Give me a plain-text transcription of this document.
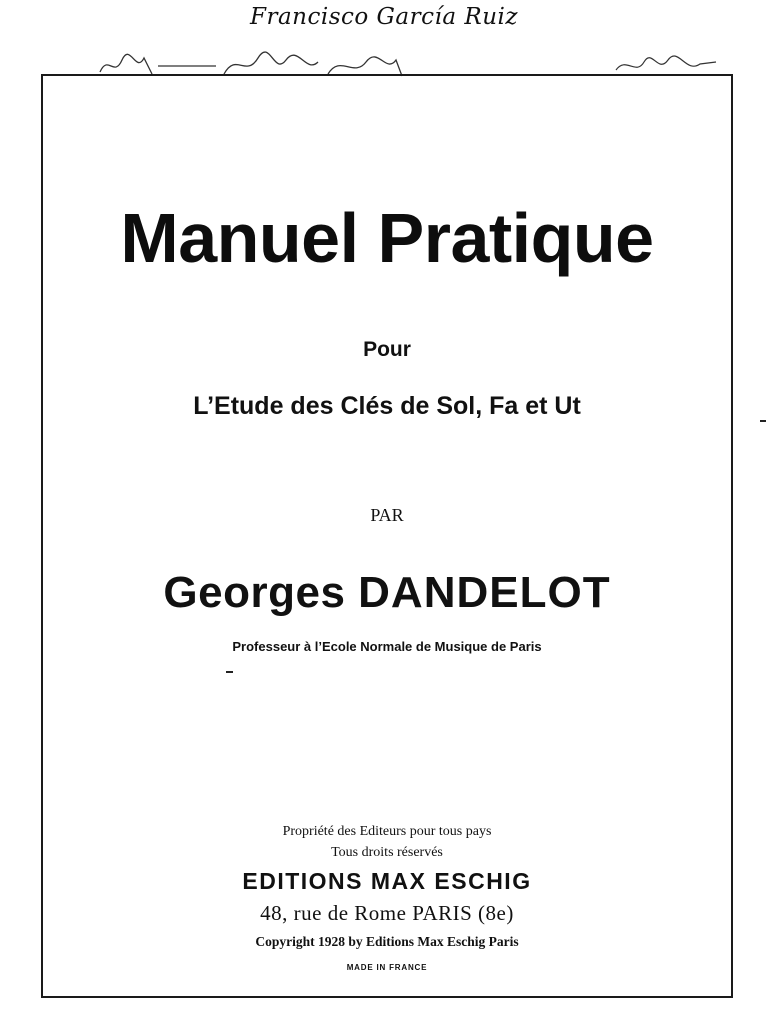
Francisco García Ruiz
Manuel Pratique
Pour
L’Etude des Clés de Sol, Fa et Ut
PAR
Georges DANDELOT
Professeur à l’Ecole Normale de Musique de Paris
Propriété des Editeurs pour tous pays
Tous droits réservés
EDITIONS MAX ESCHIG
48, rue de Rome PARIS (8e)
Copyright 1928 by Editions Max Eschig Paris
MADE IN FRANCE
